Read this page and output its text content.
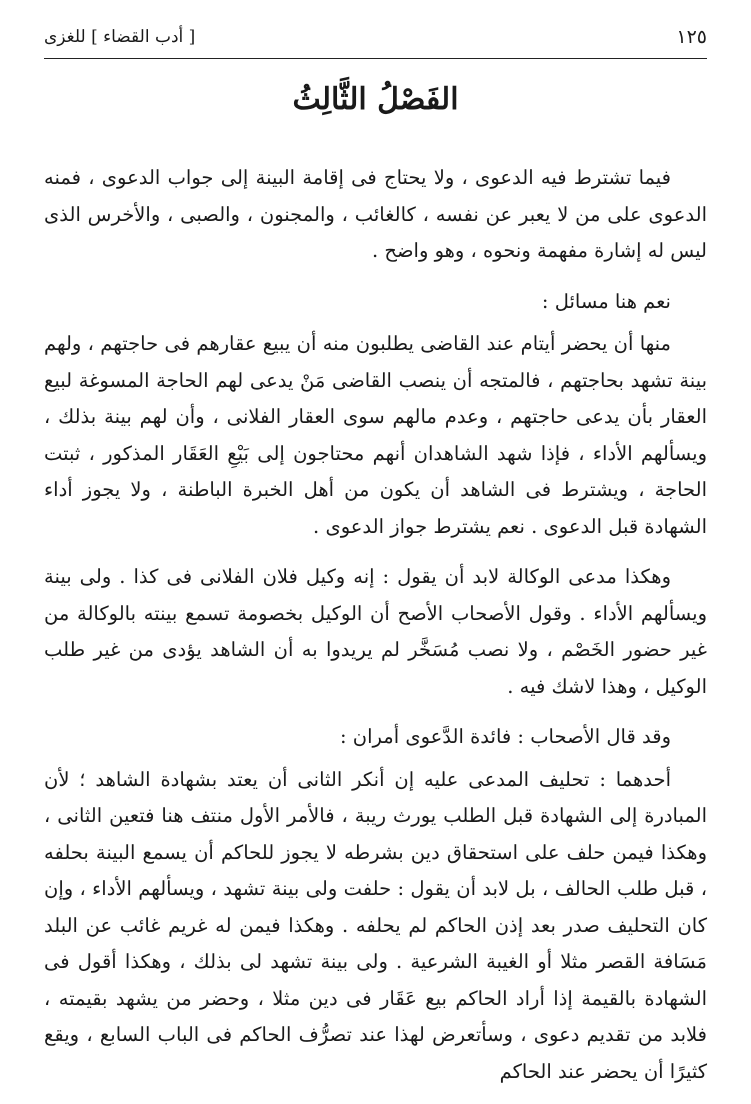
١٢٥
[ أدب القضاء ] للغزى
الفَصْلُ الثَّالِثُ

فيما تشترط فيه الدعوى ، ولا يحتاج فى إقامة البينة إلى جواب الدعوى ، فمنه الدعوى على من لا يعبر عن نفسه ، كالغائب ، والمجنون ، والصبى ، والأخرس الذى ليس له إشارة مفهمة ونحوه ، وهو واضح .

نعم هنا مسائل :

منها أن يحضر أيتام عند القاضى يطلبون منه أن يبيع عقارهم فى حاجتهم ، ولهم بينة تشهد بحاجتهم ، فالمتجه أن ينصب القاضى مَنْ يدعى لهم الحاجة المسوغة لبيع العقار بأن يدعى حاجتهم ، وعدم مالهم سوى العقار الفلانى ، وأن لهم بينة بذلك ، ويسألهم الأداء ، فإذا شهد الشاهدان أنهم محتاجون إلى بَيْعِ العَقَار المذكور ، ثبتت الحاجة ، ويشترط فى الشاهد أن يكون من أهل الخبرة الباطنة ، ولا يجوز أداء الشهادة قبل الدعوى . نعم يشترط جواز الدعوى .

وهكذا مدعى الوكالة لابد أن يقول : إنه وكيل فلان الفلانى فى كذا . ولى بينة ويسألهم الأداء . وقول الأصحاب الأصح أن الوكيل بخصومة تسمع بينته بالوكالة من غير حضور الخَصْم ، ولا نصب مُسَخَّر لم يريدوا به أن الشاهد يؤدى من غير طلب الوكيل ، وهذا لاشك فيه .

وقد قال الأصحاب : فائدة الدَّعوى أمران :

أحدهما : تحليف المدعى عليه إن أنكر الثانى أن يعتد بشهادة الشاهد ؛ لأن المبادرة إلى الشهادة قبل الطلب يورث ريبة ، فالأمر الأول منتف هنا فتعين الثانى ، وهكذا فيمن حلف على استحقاق دين بشرطه لا يجوز للحاكم أن يسمع البينة بحلفه ، قبل طلب الحالف ، بل لابد أن يقول : حلفت ولى بينة تشهد ، ويسألهم الأداء ، وإن كان التحليف صدر بعد إذن الحاكم لم يحلفه . وهكذا فيمن له غريم غائب عن البلد مَسَافة القصر مثلا أو الغيبة الشرعية . ولى بينة تشهد لى بذلك ، وهكذا أقول فى الشهادة بالقيمة إذا أراد الحاكم بيع عَقَار فى دين مثلا ، وحضر من يشهد بقيمته ، فلابد من تقديم دعوى ، وسأتعرض لهذا عند تصرُّف الحاكم فى الباب السابع ، ويقع كثيرًا أن يحضر عند الحاكم
